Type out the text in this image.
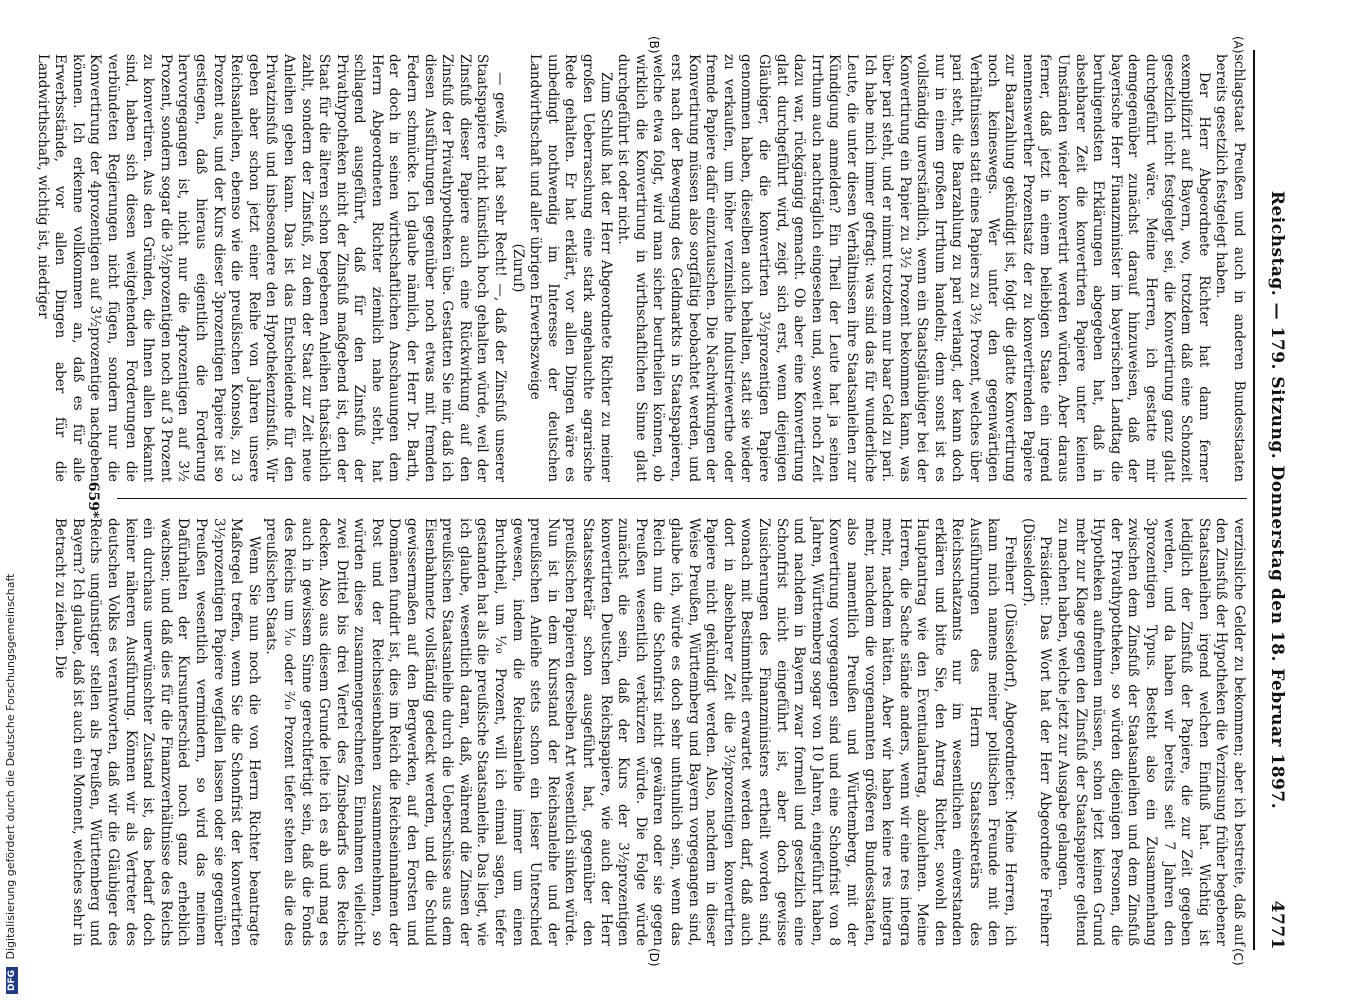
Reichstag. — 179. Sitzung. Donnerstag den 18. Februar 1897.
4771
(A)
(B)
(C)
(D)

schlagstaat Preußen und auch in anderen Bundesstaaten bereits gesetzlich festgelegt haben.

Der Herr Abgeordnete Richter hat dann ferner exemplifizirt auf Bayern, wo, trotzdem daß eine Schonzeit gesetzlich nicht festgelegt sei, die Konvertirung ganz glatt durchgeführt wäre. Meine Herren, ich gestatte mir demgegenüber zunächst darauf hinzuweisen, daß der bayerische Herr Finanzminister im bayerischen Landtag die beruhigendsten Erklärungen abgegeben hat, daß in absehbarer Zeit die konvertirten Papiere unter keinen Umständen wieder konvertirt werden würden. Aber daraus ferner, daß jetzt in einem beliebigen Staate ein irgend nennenswerther Prozentsatz der zu konvertirenden Papiere zur Baarzahlung gekündigt ist, folgt die glatte Konvertirung noch keineswegs. Wer unter den gegenwärtigen Verhältnissen statt eines Papiers zu 3½ Prozent, welches über pari steht, die Baarzahlung zu pari verlangt, der kann doch nur in einem großen Irrthum handeln; denn sonst ist es vollständig unverständlich, wenn ein Staatsgläubiger bei der Konvertirung ein Papier zu 3½ Prozent bekommen kann, was über pari steht, und er nimmt trotzdem nur baar Geld zu pari. Ich habe mich immer gefragt: was sind das für wunderliche Leute, die unter diesen Verhältnissen ihre Staatsanleihen zur Kündigung anmelden? Ein Theil der Leute hat ja seinen Irrthum auch nachträglich eingesehen und, soweit noch Zeit dazu war, rückgängig gemacht. Ob aber eine Konvertirung glatt durchgeführt wird, zeigt sich erst, wenn diejenigen Gläubiger, die die konvertirten 3½prozentigen Papiere genommen haben, dieselben auch behalten, statt sie wieder zu verkaufen, um höher verzinsliche Industriewerthe oder fremde Papiere dafür einzutauschen. Die Nachwirkungen der Konvertirung müssen also sorgfältig beobachtet werden, und erst nach der Bewegung des Geldmarkts in Staatspapieren, welche etwa folgt, wird man sicher beurtheilen können, ob wirklich die Konvertirung in wirthschaftlichen Sinne glatt durchgeführt ist oder nicht.

Zum Schluß hat der Herr Abgeordnete Richter zu meiner großen Ueberraschung eine stark angehauchte agrarische Rede gehalten. Er hat erklärt, vor allen Dingen wäre es unbedingt nothwendig im Interesse der deutschen Landwirthschaft und aller übrigen Erwerbszweige

(Zuruf)

— gewiß, er hat sehr Recht! —, daß der Zinsfuß unserer Staatspapiere nicht künstlich hoch gehalten würde, weil der Zinsfuß dieser Papiere auch eine Rückwirkung auf den Zinsfuß der Privathypotheken übe. Gestatten Sie mir, daß ich diesen Ausführungen gegenüber noch etwas mit fremden Federn schmücke. Ich glaube nämlich, der Herr Dr. Barth, der doch in seinen wirthschaftlichen Anschauungen dem Herrn Abgeordneten Richter ziemlich nahe steht, hat schlagend ausgeführt, daß für den Zinsfuß der Privathypotheken nicht der Zinsfuß maßgebend ist, den der Staat für die älteren schon begebenen Anleihen thatsächlich zahlt, sondern der Zinsfuß, zu dem der Staat zur Zeit neue Anleihen geben kann. Das ist das Entscheidende für den Privatzinsfuß und insbesondere den Hypothekenzinsfuß. Wir geben aber schon jetzt einer Reihe von Jahren unsere Reichsanleihen, ebenso wie die preußischen Konsols, zu 3 Prozent aus, und der Kurs dieser 3prozentigen Papiere ist so gestiegen, daß hieraus eigentlich die Forderung hervorgegangen ist, nicht nur die 4prozentigen auf 3½ Prozent, sondern sogar die 3½prozentigen noch auf 3 Prozent zu konvertiren. Aus den Gründen, die Ihnen allen bekannt sind, haben sich diesen weitgehenden Forderungen die verbündeten Regierungen nicht fügen, sondern nur die Konvertirung der 4prozentigen auf 3½prozentige nachgeben können. Ich erkenne vollkommen an, daß es für alle Erwerbsstände, vor allen Dingen aber für die Landwirthschaft, wichtig ist, niedriger

verzinsliche Gelder zu bekommen; aber ich bestreite, daß auf den Zinsfuß der Hypotheken die Verzinsung früher begebener Staatsanleihen irgend welchen Einfluß hat. Wichtig ist lediglich der Zinsfuß der Papiere, die zur Zeit gegeben werden, und da haben wir bereits seit 7 Jahren den 3prozentigen Typus. Besteht also ein Zusammenhang zwischen dem Zinsfuß der Staatsanleihen und dem Zinsfuß der Privathypotheken, so würden diejenigen Personen, die Hypotheken aufnehmen müssen, schon jetzt keinen Grund mehr zur Klage gegen den Zinsfuß der Staatspapiere geltend zu machen haben, welche jetzt zur Ausgabe gelangen.

Präsident: Das Wort hat der Herr Abgeordnete Freiherr (Düsseldorf).

Freiherr (Düsseldorf), Abgeordneter: Meine Herren, ich kann mich namens meiner politischen Freunde mit den Ausführungen des Herrn Staatssekretärs des Reichsschatzamts nur im wesentlichen einverstanden erklären und bitte Sie, den Antrag Richter, sowohl den Hauptantrag wie den Eventualantrag, abzulehnen. Meine Herren, die Sache stände anders, wenn wir eine res integra mehr, nachdem hätten. Aber wir haben keine res integra mehr, nachdem die vorgenannten größeren Bundesstaaten, also namentlich Preußen und Württemberg, mit der Konvertirung vorgegangen sind und eine Schonfrist von 8 Jahren, Württemberg sogar von 10 Jahren, eingeführt haben, und nachdem in Bayern zwar formell und gesetzlich eine Schonfrist nicht eingeführt ist, aber doch gewisse Zusicherungen des Finanzministers ertheilt worden sind, wonach mit Bestimmtheit erwartet werden darf, daß auch dort in absehbarer Zeit die 3½prozentigen konvertirten Papiere nicht gekündigt werden. Also, nachdem in dieser Weise Preußen, Württemberg und Bayern vorgegangen sind, glaube ich, würde es doch sehr unthunlich sein, wenn das Reich nun die Schonfrist nicht gewähren oder sie gegen Preußen wesentlich verkürzen würde. Die Folge würde zunächst die sein, daß der Kurs der 3½prozentigen konvertirten Deutschen Reichspapiere, wie auch der Herr Staatssekretär schon ausgeführt hat, gegenüber den preußischen Papieren derselben Art wesentlich sinken würde. Nun ist in dem Kursstand der Reichsanleihe und der preußischen Anleihe stets schon ein leiser Unterschied gewesen, indem die Reichsanleihe immer um einen Bruchtheil, um ⅒ Prozent, will ich einmal sagen, tiefer gestanden hat als die preußische Staatsanleihe. Das liegt, wie ich glaube, wesentlich daran, daß, während die Zinsen der preußischen Staatsanleihe durch die Ueberschüsse aus dem Eisenbahnnetz vollständig gedeckt werden, und die Schuld gewissermaßen auf den Bergwerken, auf den Forsten und Domänen fundirt ist, dies im Reich die Reichseinnahmen der Post und der Reichseisenbahnen zusammennehmen, so würden diese zusammengerechneten Einnahmen vielleicht zwei Drittel bis drei Viertel des Zinsbedarfs des Reichs decken. Also aus diesem Grunde leite ich es ab und mag es auch in gewissem Sinne gerechtfertigt sein, daß die Fonds des Reichs um ⅒ oder ²⁄₁₀ Prozent tiefer stehen als die des preußischen Staats.

Wenn Sie nun noch die von Herrn Richter beantragte Maßregel treffen, wenn Sie die Schonfrist der konvertirten 3½prozentigen Papiere wegfallen lassen oder sie gegenüber Preußen wesentlich vermindern, so wird das meinem Dafürhalten der Kursunterschied noch ganz erheblich wachsen; und daß dies für die Finanzverhältnisse des Reichs ein durchaus unerwünschter Zustand ist, das bedarf doch keiner näheren Ausführung. Können wir als Vertreter des deutschen Volks es verantworten, daß wir die Gläubiger des Reichs ungünstiger stellen als Preußen, Württemberg und Bayern? Ich glaube, daß ist auch ein Moment, welches sehr in Betracht zu ziehen. Die

659*
DFG Digitalisierung gefördert durch die Deutsche Forschungsgemeinschaft
